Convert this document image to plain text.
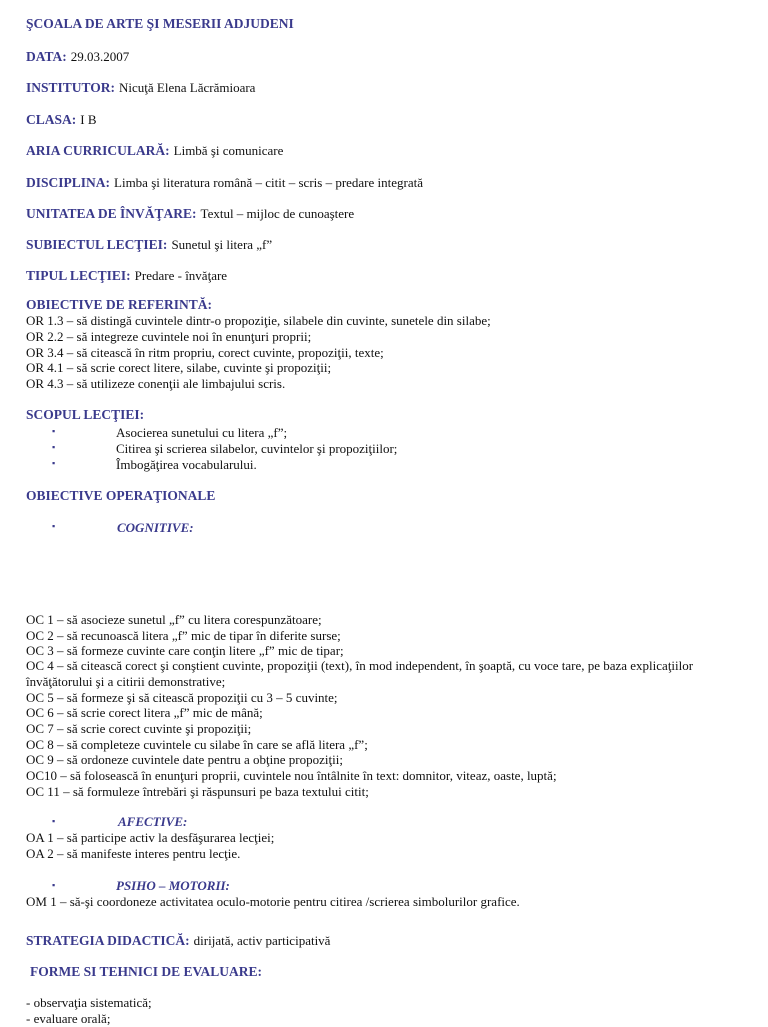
ŞCOALA DE ARTE ŞI MESERII ADJUDENI
DATA: 29.03.2007
INSTITUTOR: Nicuţă Elena Lăcrămioara
CLASA: I B
ARIA CURRICULARĂ: Limbă şi comunicare
DISCIPLINA: Limba şi literatura română – citit – scris – predare integrată
UNITATEA DE ÎNVĂŢARE: Textul – mijloc de cunoaştere
SUBIECTUL LECŢIEI: Sunetul şi litera „f”
TIPUL LECŢIEI: Predare - învăţare
OBIECTIVE DE REFERINTĂ:
OR 1.3 – să distingă cuvintele dintr-o propoziţie, silabele din cuvinte, sunetele din silabe;
OR 2.2 – să integreze cuvintele noi în enunţuri proprii;
OR 3.4 – să citească în ritm propriu, corect cuvinte, propoziţii, texte;
OR 4.1 – să scrie corect litere, silabe, cuvinte şi propoziţii;
OR 4.3 – să utilizeze conenţii ale limbajului scris.
SCOPUL LECŢIEI:
▪	Asocierea sunetului cu litera „f”;
▪	Citirea şi scrierea silabelor, cuvintelor şi propoziţiilor;
▪	Îmbogăţirea vocabularului.
OBIECTIVE OPERAŢIONALE
▪	COGNITIVE:
OC 1 – să asocieze sunetul „f” cu litera corespunzătoare;
OC 2 – să recunoască litera „f” mic de tipar în diferite surse;
OC 3 – să formeze cuvinte care conţin litere „f” mic de tipar;
OC 4 – să citească corect şi conştient cuvinte, propoziţii (text), în mod independent, în şoaptă, cu voce tare, pe baza explicaţiilor învăţătorului şi a citirii demonstrative;
OC 5 – să formeze şi să citească propoziţii cu 3 – 5 cuvinte;
OC 6 – să scrie corect litera „f” mic de mână;
OC 7 – să scrie corect cuvinte şi propoziţii;
OC 8 – să completeze cuvintele cu silabe în care se află litera „f”;
OC 9 – să ordoneze cuvintele date pentru a obţine propoziţii;
OC10 – să folosească în enunţuri proprii, cuvintele nou întâlnite în text: domnitor, viteaz, oaste, luptă;
OC 11 – să formuleze întrebări şi răspunsuri pe baza textului citit;
▪	AFECTIVE:
OA 1 – să participe activ la desfăşurarea lecţiei;
OA 2 – să manifeste interes pentru lecţie.
▪	PSIHO – MOTORII:
OM 1 – să-şi coordoneze activitatea oculo-motorie pentru citirea /scrierea simbolurilor grafice.
STRATEGIA DIDACTICĂ: dirijată, activ participativă
FORME SI TEHNICI DE EVALUARE:
- observaţia sistematică;
- evaluare orală;
